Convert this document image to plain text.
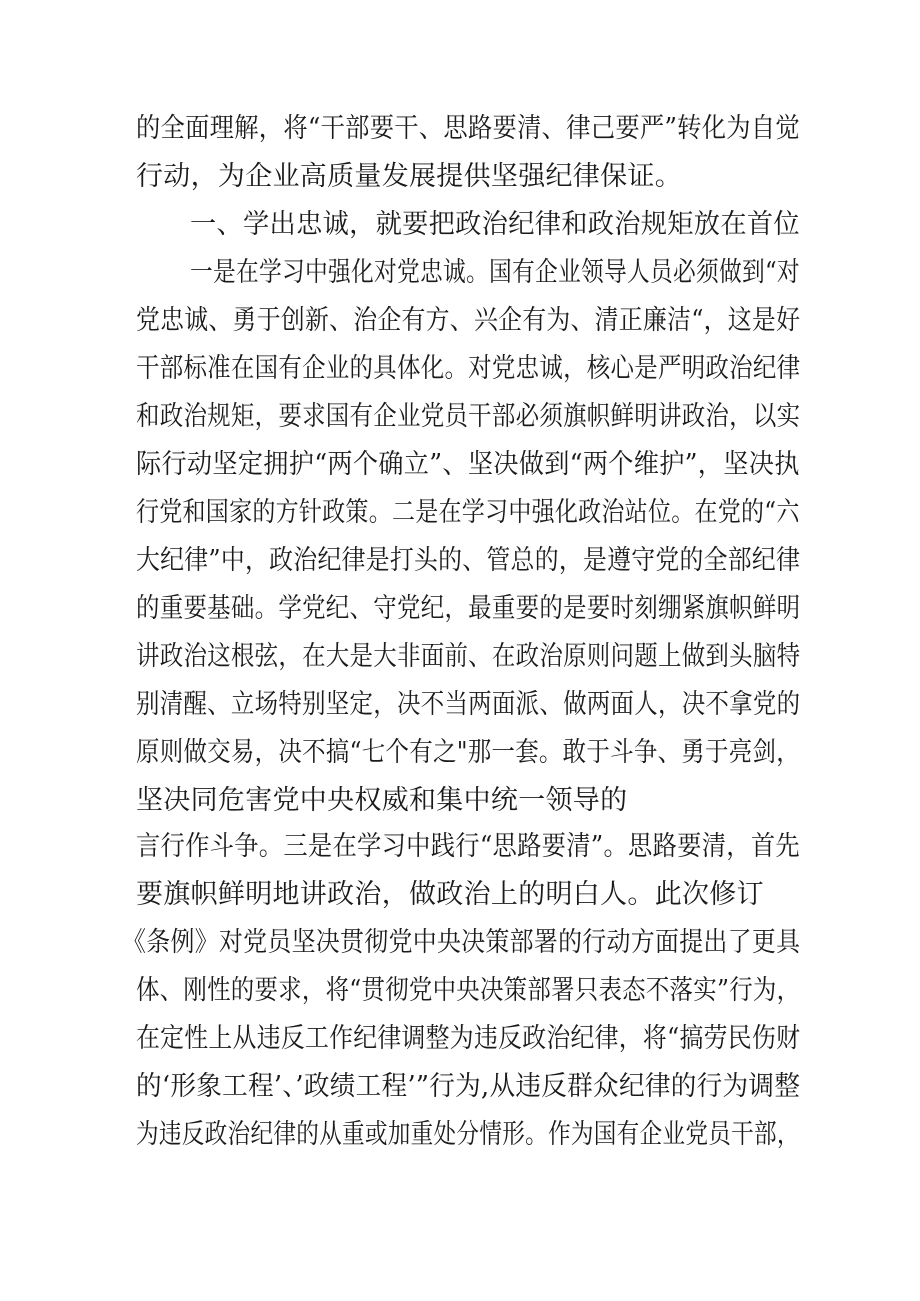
的全面理解，将“干部要干、思路要清、律己要严”转化为自觉
行动，为企业高质量发展提供坚强纪律保证。
一、学出忠诚，就要把政治纪律和政治规矩放在首位
一是在学习中强化对党忠诚。国有企业领导人员必须做到“对
党忠诚、勇于创新、治企有方、兴企有为、清正廉洁“，这是好
干部标准在国有企业的具体化。对党忠诚，核心是严明政治纪律
和政治规矩，要求国有企业党员干部必须旗帜鲜明讲政治，以实
际行动坚定拥护“两个确立”、坚决做到“两个维护”，坚决执
行党和国家的方针政策。二是在学习中强化政治站位。在党的“六
大纪律”中，政治纪律是打头的、管总的，是遵守党的全部纪律
的重要基础。学党纪、守党纪，最重要的是要时刻绷紧旗帜鲜明
讲政治这根弦，在大是大非面前、在政治原则问题上做到头脑特
别清醒、立场特别坚定，决不当两面派、做两面人，决不拿党的
原则做交易，决不搞“七个有之"那一套。敢于斗争、勇于亮剑，
坚决同危害党中央权威和集中统一领导的
言行作斗争。三是在学习中践行“思路要清”。思路要清，首先
要旗帜鲜明地讲政治，做政治上的明白人。此次修订
《条例》对党员坚决贯彻党中央决策部署的行动方面提出了更具
体、刚性的要求，将“贯彻党中央决策部署只表态不落实”行为，
在定性上从违反工作纪律调整为违反政治纪律，将“搞劳民伤财
的‘形象工程’、’政绩工程’”行为,从违反群众纪律的行为调整
为违反政治纪律的从重或加重处分情形。作为国有企业党员干部，
